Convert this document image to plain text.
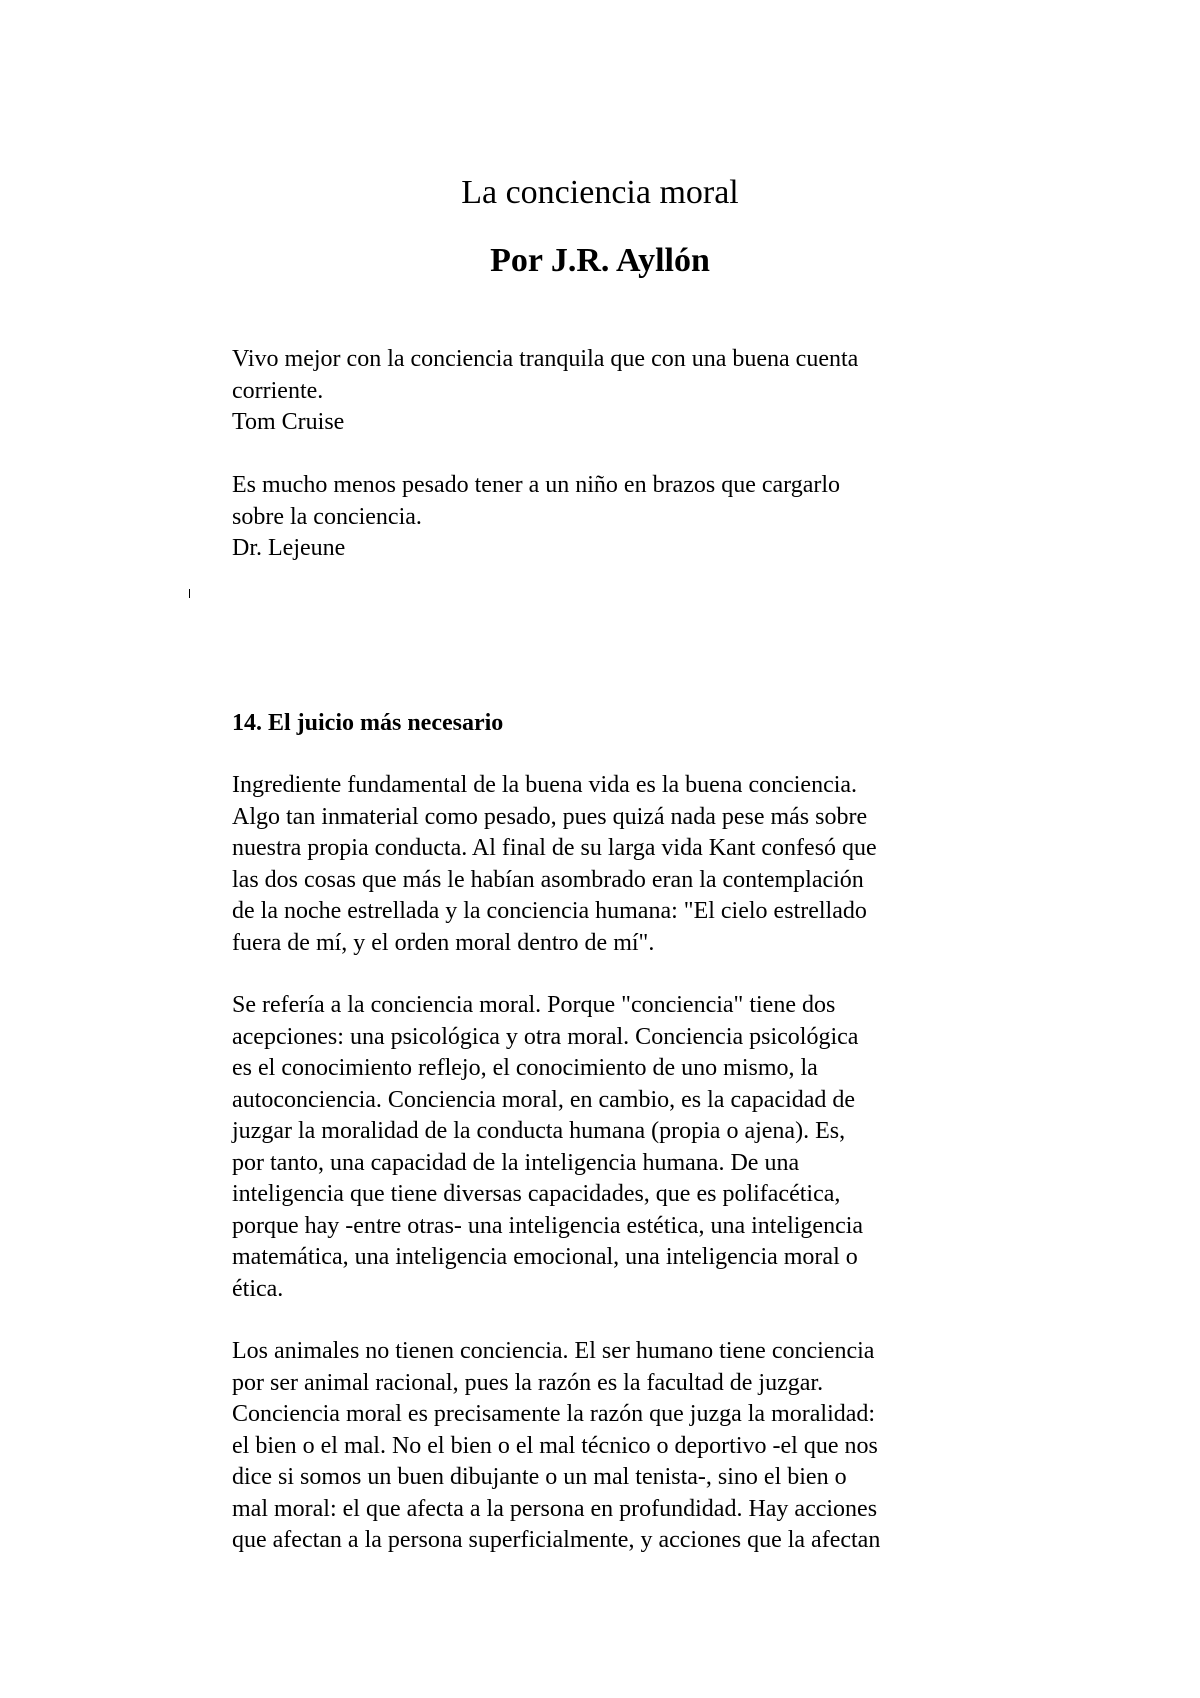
La conciencia moral
Por J.R. Ayllón
Vivo mejor con la conciencia tranquila que con una buena cuenta
corriente.
Tom Cruise
Es mucho menos pesado tener a un niño en brazos que cargarlo
sobre la conciencia.
Dr. Lejeune
14. El juicio más necesario
Ingrediente fundamental de la buena vida es la buena conciencia.
Algo tan inmaterial como pesado, pues quizá nada pese más sobre
nuestra propia conducta. Al final de su larga vida Kant confesó que
las dos cosas que más le habían asombrado eran la contemplación
de la noche estrellada y la conciencia humana: "El cielo estrellado
fuera de mí, y el orden moral dentro de mí".
Se refería a la conciencia moral. Porque "conciencia" tiene dos
acepciones: una psicológica y otra moral. Conciencia psicológica
es el conocimiento reflejo, el conocimiento de uno mismo, la
autoconciencia. Conciencia moral, en cambio, es la capacidad de
juzgar la moralidad de la conducta humana (propia o ajena). Es,
por tanto, una capacidad de la inteligencia humana. De una
inteligencia que tiene diversas capacidades, que es polifacética,
porque hay -entre otras- una inteligencia estética, una inteligencia
matemática, una inteligencia emocional, una inteligencia moral o
ética.
Los animales no tienen conciencia. El ser humano tiene conciencia
por ser animal racional, pues la razón es la facultad de juzgar.
Conciencia moral es precisamente la razón que juzga la moralidad:
el bien o el mal. No el bien o el mal técnico o deportivo -el que nos
dice si somos un buen dibujante o un mal tenista-, sino el bien o
mal moral: el que afecta a la persona en profundidad. Hay acciones
que afectan a la persona superficialmente, y acciones que la afectan
